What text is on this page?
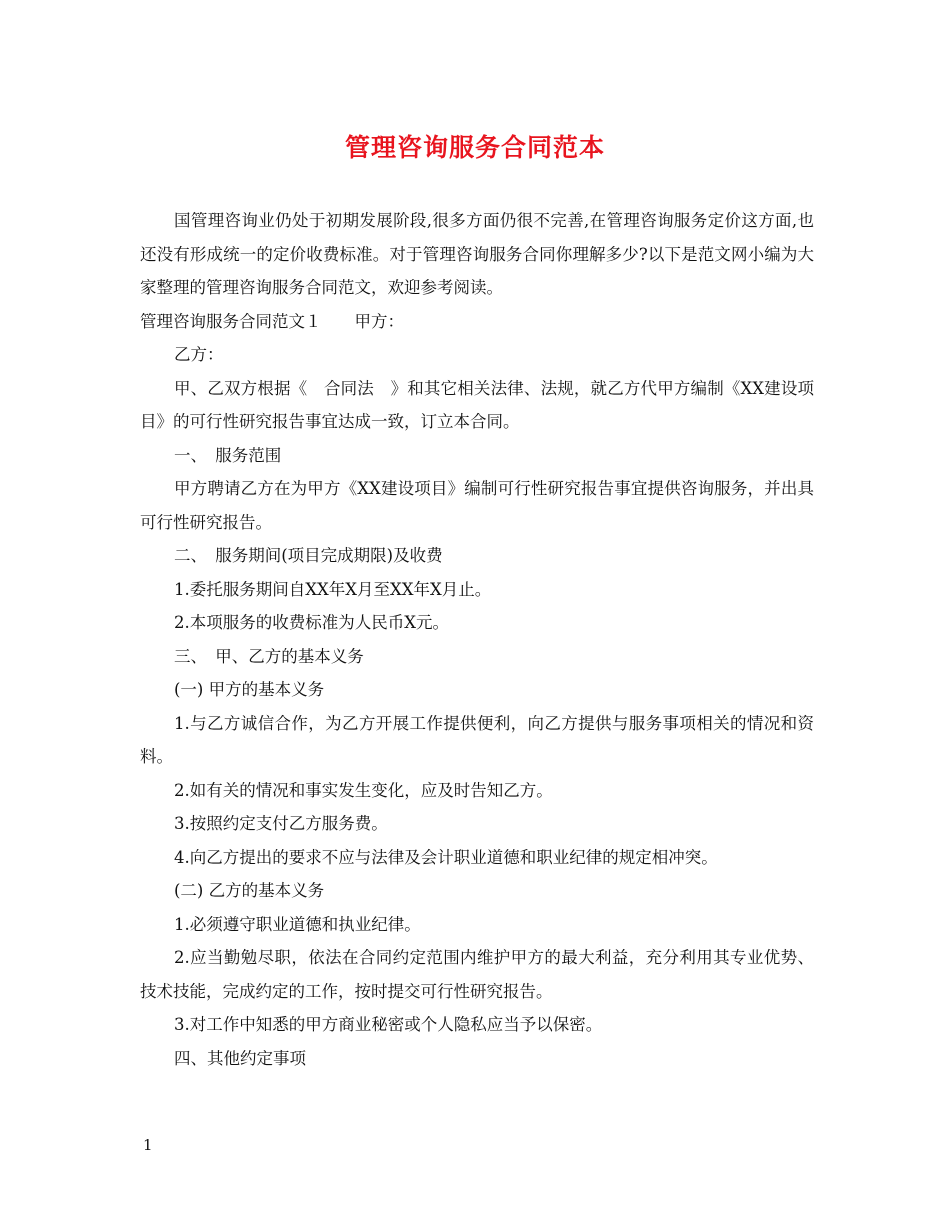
管理咨询服务合同范本

国管理咨询业仍处于初期发展阶段,很多方面仍很不完善,在管理咨询服务定价这方面,也还没有形成统一的定价收费标准。对于管理咨询服务合同你理解多少?以下是范文网小编为大家整理的管理咨询服务合同范文，欢迎参考阅读。

管理咨询服务合同范文１　　甲方：

乙方：

甲、乙双方根据《　合同法　》和其它相关法律、法规，就乙方代甲方编制《XX建设项目》的可行性研究报告事宜达成一致，订立本合同。

一、　服务范围

甲方聘请乙方在为甲方《XX建设项目》编制可行性研究报告事宜提供咨询服务，并出具可行性研究报告。

二、　服务期间(项目完成期限)及收费

1.委托服务期间自XX年X月至XX年X月止。

2.本项服务的收费标准为人民币X元。

三、　甲、乙方的基本义务

(一) 甲方的基本义务

1.与乙方诚信合作，为乙方开展工作提供便利，向乙方提供与服务事项相关的情况和资料。

2.如有关的情况和事实发生变化，应及时告知乙方。

3.按照约定支付乙方服务费。

4.向乙方提出的要求不应与法律及会计职业道德和职业纪律的规定相冲突。

(二) 乙方的基本义务

1.必须遵守职业道德和执业纪律。

2.应当勤勉尽职，依法在合同约定范围内维护甲方的最大利益，充分利用其专业优势、技术技能，完成约定的工作，按时提交可行性研究报告。

3.对工作中知悉的甲方商业秘密或个人隐私应当予以保密。

四、其他约定事项

1
